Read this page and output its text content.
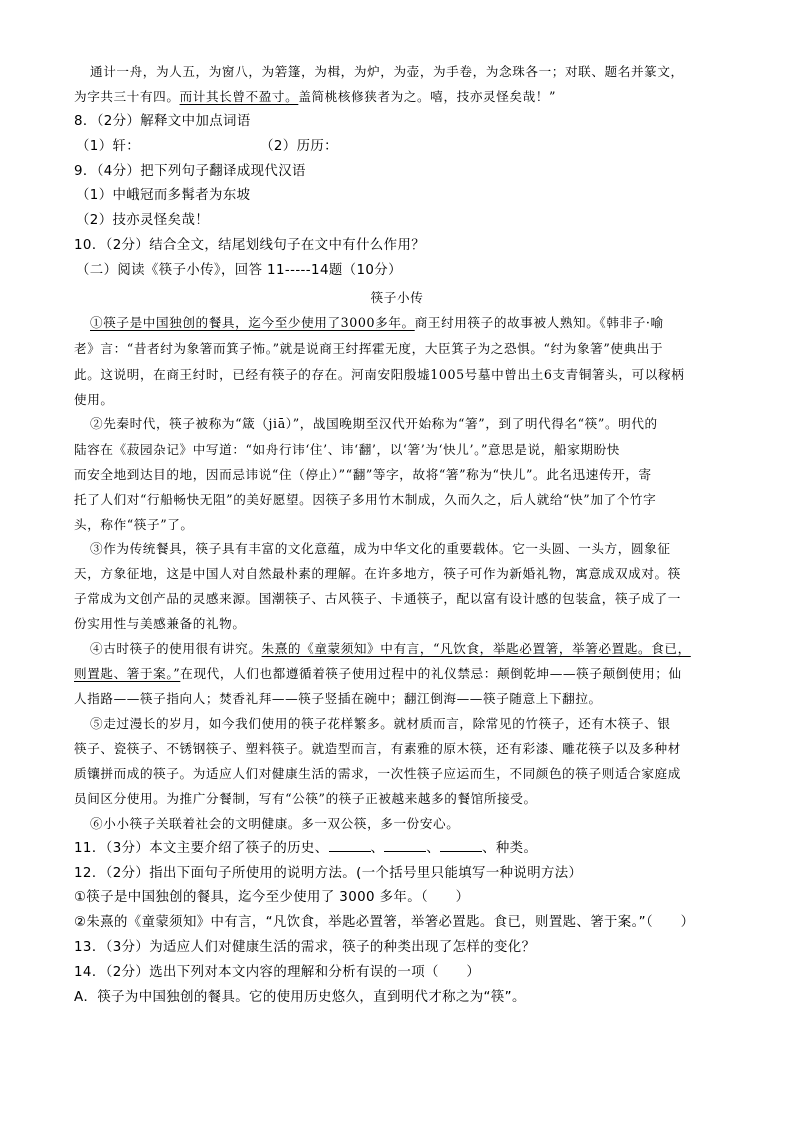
通计一舟，为人五，为窗八，为箬篷，为楫，为炉，为壶，为手卷，为念珠各一；对联、题名并篆文，
为字共三十有四。而计其长曾不盈寸。盖简桃核修狭者为之。嘻，技亦灵怪矣哉！”
8．（2分）解释文中加点词语
（1）轩：	（2）历历：
9．（4分）把下列句子翻译成现代汉语
（1）中峨冠而多髯者为东坡
（2）技亦灵怪矣哉！
10．（2分）结合全文，结尾划线句子在文中有什么作用？
（二）阅读《筷子小传》，回答 11-----14题（10分）
筷子小传
①筷子是中国独创的餐具，迄今至少使用了3000多年。商王纣用筷子的故事被人熟知。《韩非子·喻
老》言：“昔者纣为象箸而箕子怖。”就是说商王纣挥霍无度，大臣箕子为之恐惧。“纣为象箸”使典出于
此。这说明，在商王纣时，已经有筷子的存在。河南安阳殷墟1005号墓中曾出土6支青铜箸头，可以稼柄
使用。
②先秦时代，筷子被称为“箴（jiā）”，战国晚期至汉代开始称为“箸”，到了明代得名“筷”。明代的
陆容在《菽园杂记》中写道：“如舟行讳‘住’、讳‘翻’，以‘箸’为‘快儿’。”意思是说，船家期盼快
而安全地到达目的地，因而忌讳说“住（停止）”“翻”等字，故将“箸”称为“快儿”。此名迅速传开，寄
托了人们对“行船畅快无阻”的美好愿望。因筷子多用竹木制成，久而久之，后人就给“快”加了个竹字
头，称作“筷子”了。
③作为传统餐具，筷子具有丰富的文化意蕴，成为中华文化的重要载体。它一头圆、一头方，圆象征
天，方象征地，这是中国人对自然最朴素的理解。在许多地方，筷子可作为新婚礼物，寓意成双成对。筷
子常成为文创产品的灵感来源。国潮筷子、古风筷子、卡通筷子，配以富有设计感的包装盒，筷子成了一
份实用性与美感兼备的礼物。
④古时筷子的使用很有讲究。朱熹的《童蒙须知》中有言，“凡饮食，举匙必置箸，举箸必置匙。食已，
则置匙、箸于案。”在现代，人们也都遵循着筷子使用过程中的礼仪禁忌：颠倒乾坤——筷子颠倒使用；仙
人指路——筷子指向人；焚香礼拜——筷子竖插在碗中；翻江倒海——筷子随意上下翻拉。
⑤走过漫长的岁月，如今我们使用的筷子花样繁多。就材质而言，除常见的竹筷子，还有木筷子、银
筷子、瓷筷子、不锈钢筷子、塑料筷子。就造型而言，有素雅的原木筷，还有彩漆、雕花筷子以及多种材
质镶拼而成的筷子。为适应人们对健康生活的需求，一次性筷子应运而生，不同颜色的筷子则适合家庭成
员间区分使用。为推广分餐制，写有“公筷”的筷子正被越来越多的餐馆所接受。
⑥小小筷子关联着社会的文明健康。多一双公筷，多一份安心。
11．（3分）本文主要介绍了筷子的历史、	、	、	、种类。
12．（2分）指出下面句子所使用的说明方法。(一个括号里只能填写一种说明方法）
①筷子是中国独创的餐具，迄今至少使用了 3000 多年。（　　）
②朱熹的《童蒙须知》中有言，“凡饮食，举匙必置箸，举箸必置匙。食已，则置匙、箸于案。”（　　）
13．（3分）为适应人们对健康生活的需求，筷子的种类出现了怎样的变化？
14．（2分）选出下列对本文内容的理解和分析有误的一项（　　）
A．筷子为中国独创的餐具。它的使用历史悠久，直到明代才称之为“筷”。
